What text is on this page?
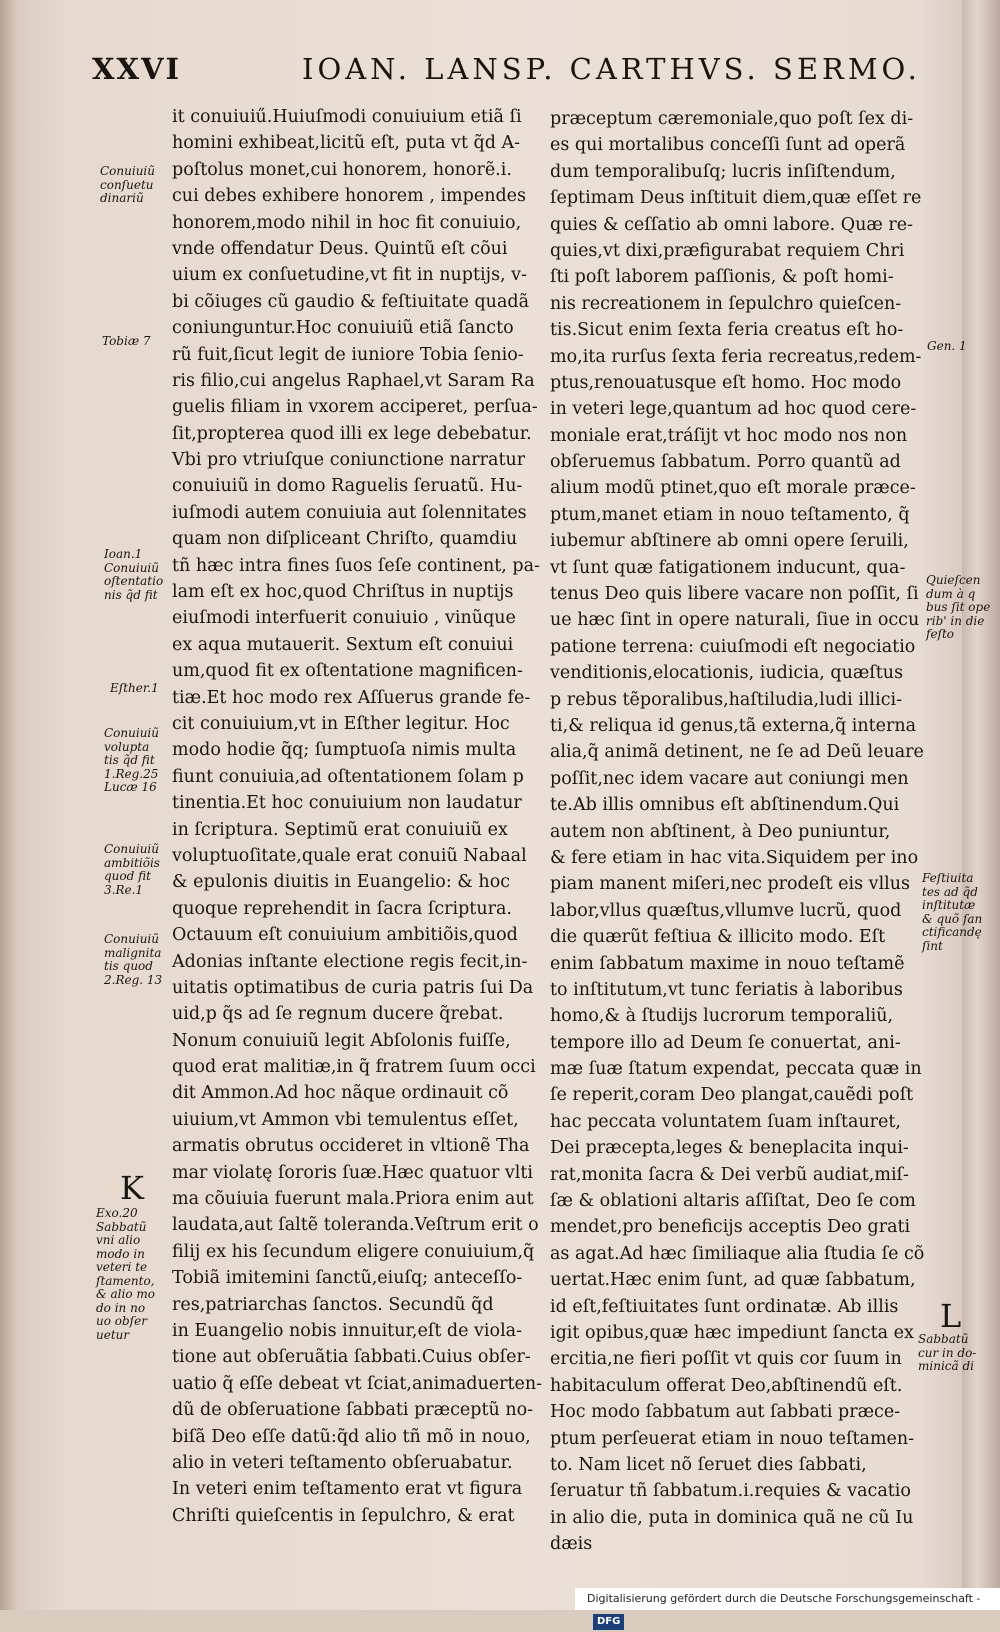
XXVI	IOAN. LANSP. CARTHVS. SERMO.
it conuiuiű.Huiuſmodi conuiuium etiã ſi
homini exhibeat,licitũ eſt, puta vt q̃d A-
poſtolus monet,cui honorem, honorẽ.i.
cui debes exhibere honorem , impendes
honorem,modo nihil in hoc fit conuiuio,
vnde offendatur Deus. Quintũ eſt cõui
uium ex conſuetudine,vt fit in nuptijs, v-
bi cõiuges cũ gaudio & feſtiuitate quadã
coniunguntur.Hoc conuiuiũ etiã ſancto
rũ fuit,ſicut legit de iuniore Tobia ſenio-
ris filio,cui angelus Raphael,vt Saram Ra
guelis filiam in vxorem acciperet, perſua-
ſit,propterea quod illi ex lege debebatur.
Vbi pro vtriuſque coniunctione narratur
conuiuiũ in domo Raguelis ſeruatũ. Hu-
iuſmodi autem conuiuia aut ſolennitates
quam non diſpliceant Chriſto, quamdiu
tñ hæc intra fines ſuos ſeſe continent, pa-
lam eſt ex hoc,quod Chriſtus in nuptijs
eiuſmodi interfuerit conuiuio , vinũque
ex aqua mutauerit. Sextum eſt conuiui
um,quod fit ex oſtentatione magnificen-
tiæ.Et hoc modo rex Aſſuerus grande fe-
cit conuiuium,vt in Eſther legitur. Hoc
modo hodie q̃q; ſumptuoſa nimis multa
fiunt conuiuia,ad oſtentationem ſolam p
tinentia.Et hoc conuiuium non laudatur
in ſcriptura. Septimũ erat conuiuiũ ex
voluptuoſitate,quale erat conuiũ Nabaal
& epulonis diuitis in Euangelio: & hoc
quoque reprehendit in ſacra ſcriptura.
Octauum eſt conuiuium ambitiõis,quod
Adonias inſtante electione regis fecit,in-
uitatis optimatibus de curia patris ſui Da
uid,p q̃s ad ſe regnum ducere q̃rebat.
Nonum conuiuiũ legit Abſolonis fuiſſe,
quod erat malitiæ,in q̃ fratrem ſuum occi
dit Ammon.Ad hoc nãque ordinauit cõ
uiuium,vt Ammon vbi temulentus eſſet,
armatis obrutus occideret in vltionẽ Tha
mar violatę ſororis ſuæ.Hæc quatuor vlti
ma cõuiuia fuerunt mala.Priora enim aut
laudata,aut ſaltẽ toleranda.Veſtrum erit o
filij ex his ſecundum eligere conuiuium,q̃
Tobiã imitemini ſanctũ,eiuſq; anteceſſo-
res,patriarchas ſanctos. Secundũ q̃d
in Euangelio nobis innuitur,eſt de viola-
tione aut obſeruãtia ſabbati.Cuius obſer-
uatio q̃ eſſe debeat vt ſciat,animaduerten-
dũ de obſeruatione ſabbati præceptũ no-
biſã Deo eſſe datũ:q̃d alio tñ mõ in nouo,
alio in veteri teſtamento obſeruabatur.
In veteri enim teſtamento erat vt figura
Chriſti quieſcentis in ſepulchro, & erat
præceptum cæremoniale,quo poſt ſex di-
es qui mortalibus conceſſi ſunt ad operã
dum temporalibuſq; lucris inſiſtendum,
ſeptimam Deus inſtituit diem,quæ eſſet re
quies & ceſſatio ab omni labore. Quæ re-
quies,vt dixi,præfigurabat requiem Chri
ſti poſt laborem paſſionis, & poſt homi-
nis recreationem in ſepulchro quieſcen-
tis.Sicut enim ſexta feria creatus eſt ho-
mo,ita rurſus ſexta feria recreatus,redem-
ptus,renouatusque eſt homo. Hoc modo
in veteri lege,quantum ad hoc quod cere-
moniale erat,tráſijt vt hoc modo nos non
obſeruemus ſabbatum. Porro quantũ ad
alium modũ ptinet,quo eſt morale præce-
ptum,manet etiam in nouo teſtamento, q̃
iubemur abſtinere ab omni opere ſeruili,
vt ſunt quæ fatigationem inducunt, qua-
tenus Deo quis libere vacare non poſſit, ſi
ue hæc ſint in opere naturali, ſiue in occu
patione terrena: cuiuſmodi eſt negociatio
venditionis,elocationis, iudicia, quæſtus
p rebus tẽporalibus,haſtiludia,ludi illici-
ti,& reliqua id genus,tã externa,q̃ interna
alia,q̃ animã detinent, ne ſe ad Deũ leuare
poſſit,nec idem vacare aut coniungi men
te.Ab illis omnibus eſt abſtinendum.Qui
autem non abſtinent, à Deo puniuntur,
& fere etiam in hac vita.Siquidem per ino
piam manent miſeri,nec prodeſt eis vllus
labor,vllus quæſtus,vllumve lucrũ, quod
die quærũt feſtiua & illicito modo. Eſt
enim ſabbatum maxime in nouo teſtamẽ
to inſtitutum,vt tunc feriatis à laboribus
homo,& à ſtudijs lucrorum temporaliũ,
tempore illo ad Deum ſe conuertat, ani-
mæ ſuæ ſtatum expendat, peccata quæ in
ſe reperit,coram Deo plangat,cauẽdi poſt
hac peccata voluntatem ſuam inſtauret,
Dei præcepta,leges & beneplacita inqui-
rat,monita ſacra & Dei verbũ audiat,miſ-
ſæ & oblationi altaris aſſiſtat, Deo ſe com
mendet,pro beneficijs acceptis Deo grati
as agat.Ad hæc ſimiliaque alia ſtudia ſe cõ
uertat.Hæc enim ſunt, ad quæ ſabbatum,
id eſt,feſtiuitates ſunt ordinatæ. Ab illis
igit opibus,quæ hæc impediunt ſancta ex
ercitia,ne fieri poſſit vt quis cor ſuum in
habitaculum offerat Deo,abſtinendũ eſt.
Hoc modo ſabbatum aut ſabbati præce-
ptum perſeuerat etiam in nouo teſtamen-
to. Nam licet nõ ſeruet dies ſabbati,
ſeruatur tñ ſabbatum.i.requies & vacatio
in alio die, puta in dominica quã ne cũ Iu
dæis
Conuiuiũ
conſuetu
dinariũ
Tobiæ 7
Ioan.1
Conuiuiũ
oſtentatio
nis q̃d fit
Eſther.1
Conuiuiũ
volupta
tis q̃d fit
1.Reg.25
Lucæ 16
Conuiuiũ
ambitiõis
quod fit
3.Re.1
Conuiuiũ
malignita
tis quod
2.Reg. 13
Exo.20
Sabbatũ
vni alio
modo in
veteri te
ſtamento,
& alio mo
do in no
uo obſer
uetur
Gen. 1
Quieſcen
dum à q
bus ſit ope
rib' in die
feſto
Feſtiuita
tes ad q̃d
inſtitutæ
& quõ ſan
ctificandę
ſint
Sabbatũ
cur in do-
minicã di
K
L
Digitalisierung gefördert durch die Deutsche Forschungsgemeinschaft - DFG
